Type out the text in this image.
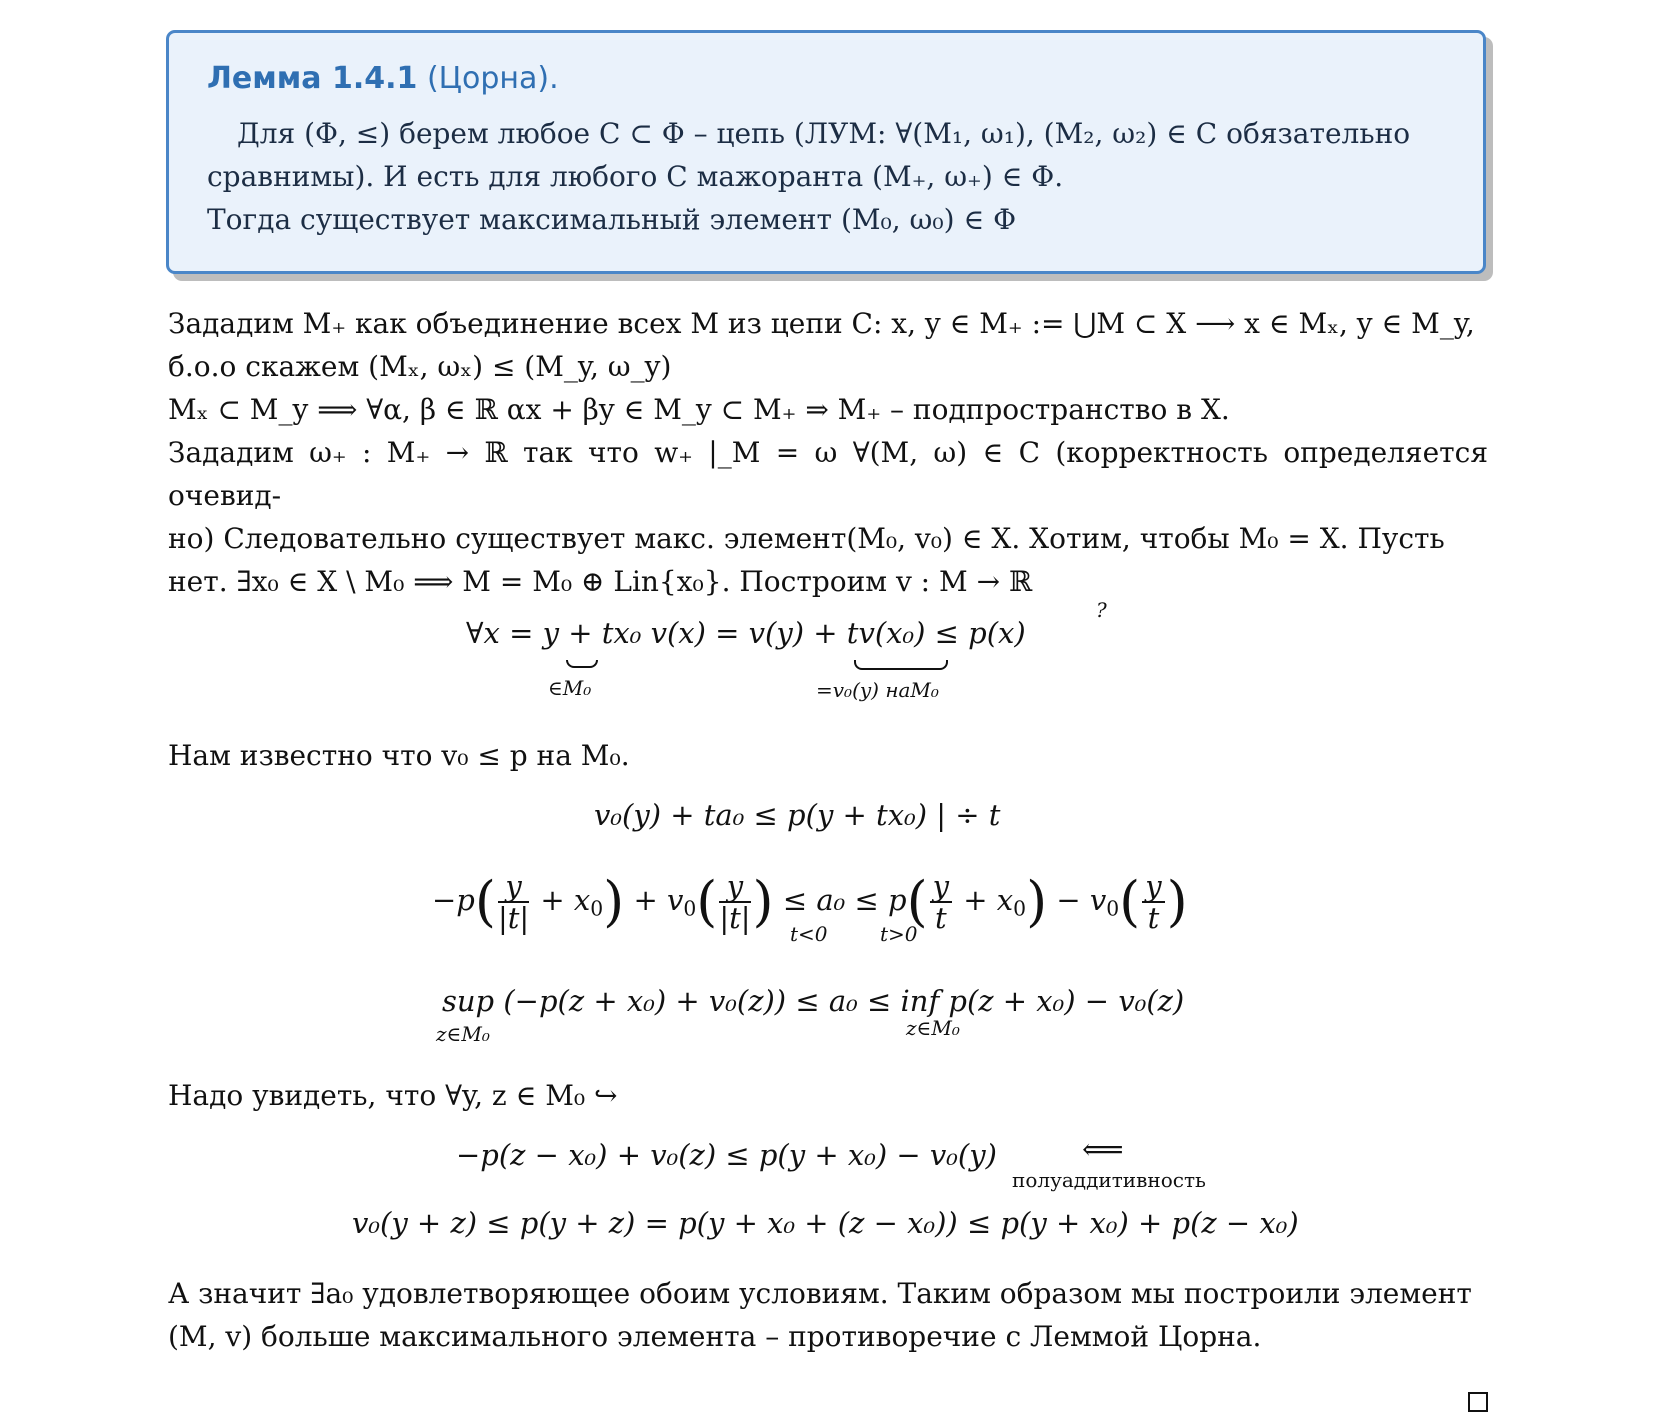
Лемма 1.4.1 (Цорна).
Для (Φ, ≤) берем любое C ⊂ Φ – цепь (ЛУМ: ∀(M₁, ω₁), (M₂, ω₂) ∈ C обязательно
сравнимы). И есть для любого C мажоранта (M₊, ω₊) ∈ Φ.
Тогда существует максимальный элемент (M₀, ω₀) ∈ Φ
Зададим M₊ как объединение всех M из цепи C: x, y ∈ M₊ := ⋃M ⊂ X ⟶ x ∈ Mₓ, y ∈ M_y,
б.о.о скажем (Mₓ, ωₓ) ≤ (M_y, ω_y)
Mₓ ⊂ M_y ⟹ ∀α, β ∈ ℝ αx + βy ∈ M_y ⊂ M₊ ⇒ M₊ – подпространство в X.
Зададим ω₊ : M₊ → ℝ так что w₊ |_M = ω ∀(M, ω) ∈ C (корректность определяется очевид-
но) Следовательно существует макс. элемент(M₀, v₀) ∈ X. Хотим, чтобы M₀ = X. Пусть
нет. ∃x₀ ∈ X \ M₀ ⟹ M = M₀ ⊕ Lin{x₀}. Построим v : M → ℝ
∀x = y + tx₀ v(x) = v(y) + tv(x₀) ≤ p(x)
?
∈M₀	=v₀(y) наM₀
Нам известно что v₀ ≤ p на M₀.
v₀(y) + ta₀ ≤ p(y + tx₀) | ÷ t
$-p( \frac{y}{|t|} + x_0) + v_0( \frac{y}{|t|}$ ) ≤ $a_0 \le p( \frac{y}{t} + x_0) - v_0( \frac{y}{t}$ )
t<0	t>0
sup (−p(z + x₀) + v₀(z)) ≤ a₀ ≤ inf p(z + x₀) − v₀(z)
z∈M₀	z∈M₀
Надо увидеть, что ∀y, z ∈ M₀ ↪
−p(z − x₀) + v₀(z) ≤ p(y + x₀) − v₀(y)	⟸
полуаддитивность
v₀(y + z) ≤ p(y + z) = p(y + x₀ + (z − x₀)) ≤ p(y + x₀) + p(z − x₀)
А значит ∃a₀ удовлетворяющее обоим условиям. Таким образом мы построили элемент
(M, v) больше максимального элемента – противоречие с Леммой Цорна.
